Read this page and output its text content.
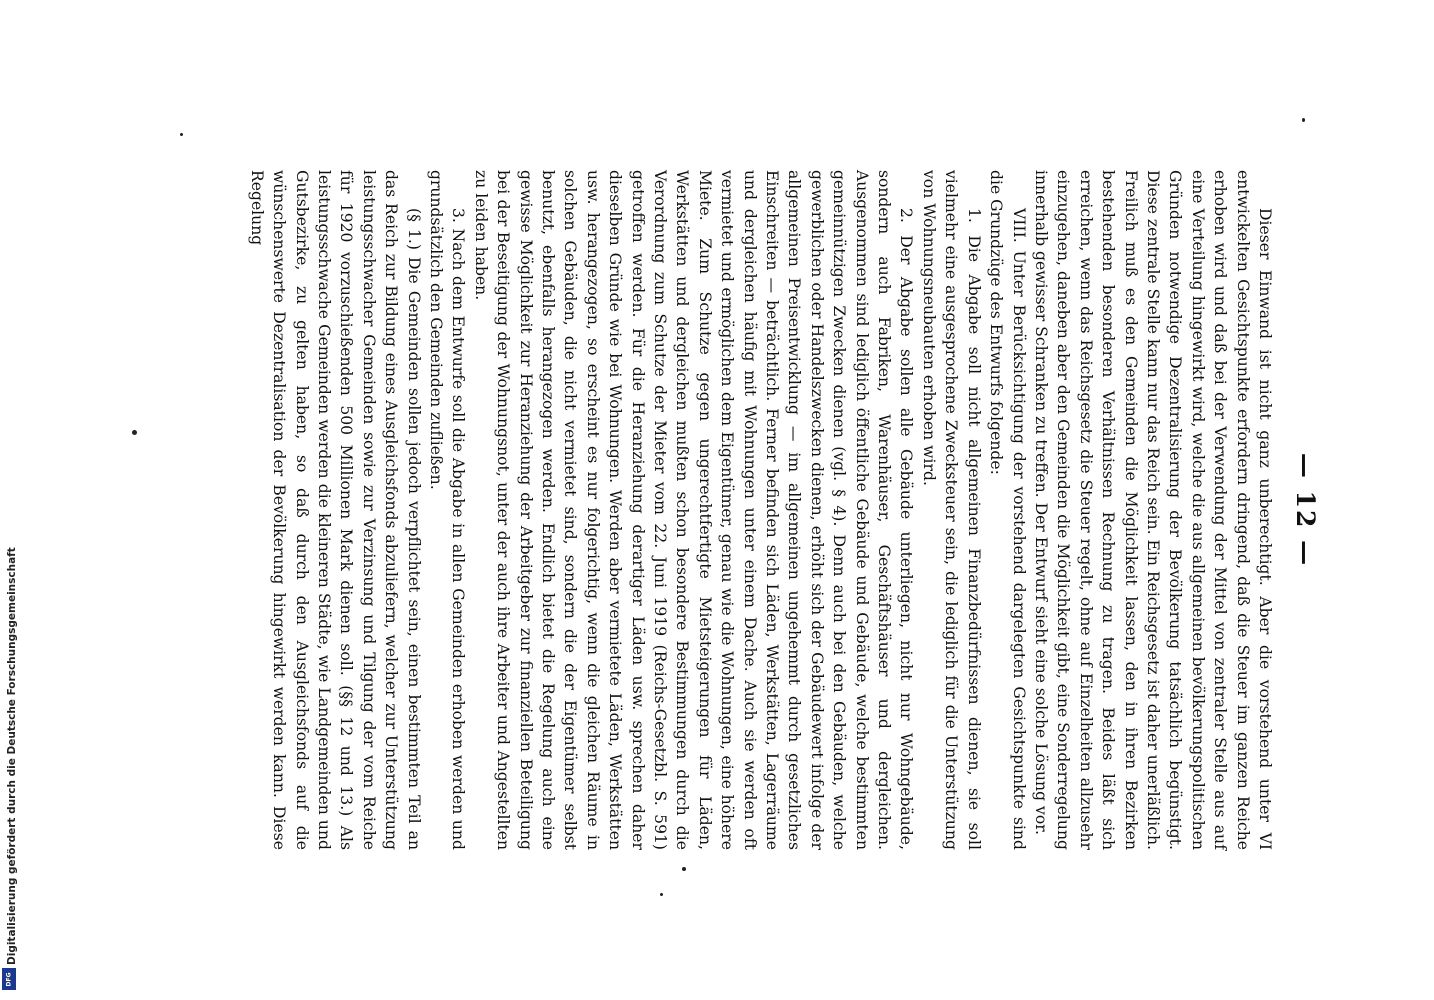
Digitalisierung gefördert durch die Deutsche Forschungsgemeinschaft
DFG
— 12 —

Dieser Einwand ist nicht ganz unberechtigt. Aber die vorstehend unter VI entwickelten Gesichtspunkte erfordern dringend, daß die Steuer im ganzen Reiche erhoben wird und daß bei der Verwendung der Mittel von zentraler Stelle aus auf eine Verteilung hingewirkt wird, welche die aus allgemeinen bevölkerungspolitischen Gründen notwendige Dezentralisierung der Bevölkerung tatsächlich begünstigt. Diese zentrale Stelle kann nur das Reich sein. Ein Reichsgesetz ist daher unerläßlich. Freilich muß es den Gemeinden die Möglichkeit lassen, den in ihren Bezirken bestehenden besonderen Verhältnissen Rechnung zu tragen. Beides läßt sich erreichen, wenn das Reichsgesetz die Steuer regelt, ohne auf Einzelheiten allzusehr einzugehen, daneben aber den Gemeinden die Möglichkeit gibt, eine Sonderregelung innerhalb gewisser Schranken zu treffen. Der Entwurf sieht eine solche Lösung vor.

VIII. Unter Berücksichtigung der vorstehend dargelegten Gesichtspunkte sind die Grundzüge des Entwurfs folgende:

1. Die Abgabe soll nicht allgemeinen Finanzbedürfnissen dienen, sie soll vielmehr eine ausgesprochene Zwecksteuer sein, die lediglich für die Unterstützung von Wohnungsneubauten erhoben wird.

2. Der Abgabe sollen alle Gebäude unterliegen, nicht nur Wohngebäude, sondern auch Fabriken, Warenhäuser, Geschäftshäuser und dergleichen. Ausgenommen sind lediglich öffentliche Gebäude und Gebäude, welche bestimmten gemeinnützigen Zwecken dienen (vgl. § 4). Denn auch bei den Gebäuden, welche gewerblichen oder Handelszwecken dienen, erhöht sich der Gebäudewert infolge der allgemeinen Preisentwicklung — im allgemeinen ungehemmt durch gesetzliches Einschreiten — beträchtlich. Ferner befinden sich Läden, Werkstätten, Lagerräume und dergleichen häufig mit Wohnungen unter einem Dache. Auch sie werden oft vermietet und ermöglichen dem Eigentümer, genau wie die Wohnungen, eine höhere Miete. Zum Schutze gegen ungerechtfertigte Mietsteigerungen für Läden, Werkstätten und dergleichen mußten schon besondere Bestimmungen durch die Verordnung zum Schutze der Mieter vom 22. Juni 1919 (Reichs-Gesetzbl. S. 591) getroffen werden. Für die Heranziehung derartiger Läden usw. sprechen daher dieselben Gründe wie bei Wohnungen. Werden aber vermietete Läden, Werkstätten usw. herangezogen, so erscheint es nur folgerichtig, wenn die gleichen Räume in solchen Gebäuden, die nicht vermietet sind, sondern die der Eigentümer selbst benutzt, ebenfalls herangezogen werden. Endlich bietet die Regelung auch eine gewisse Möglichkeit zur Heranziehung der Arbeitgeber zur finanziellen Beteiligung bei der Beseitigung der Wohnungsnot, unter der auch ihre Arbeiter und Angestellten zu leiden haben.

3. Nach dem Entwurfe soll die Abgabe in allen Gemeinden erhoben werden und grundsätzlich den Gemeinden zufließen.

(§ 1.) Die Gemeinden sollen jedoch verpflichtet sein, einen bestimmten Teil an das Reich zur Bildung eines Ausgleichsfonds abzuliefern, welcher zur Unterstützung leistungsschwacher Gemeinden sowie zur Verzinsung und Tilgung der vom Reiche für 1920 vorzuschießenden 500 Millionen Mark dienen soll. (§§ 12 und 13.) Als leistungsschwache Gemeinden werden die kleineren Städte, wie Landgemeinden und Gutsbezirke, zu gelten haben, so daß durch den Ausgleichsfonds auf die wünschenswerte Dezentralisation der Bevölkerung hingewirkt werden kann. Diese Regelung
